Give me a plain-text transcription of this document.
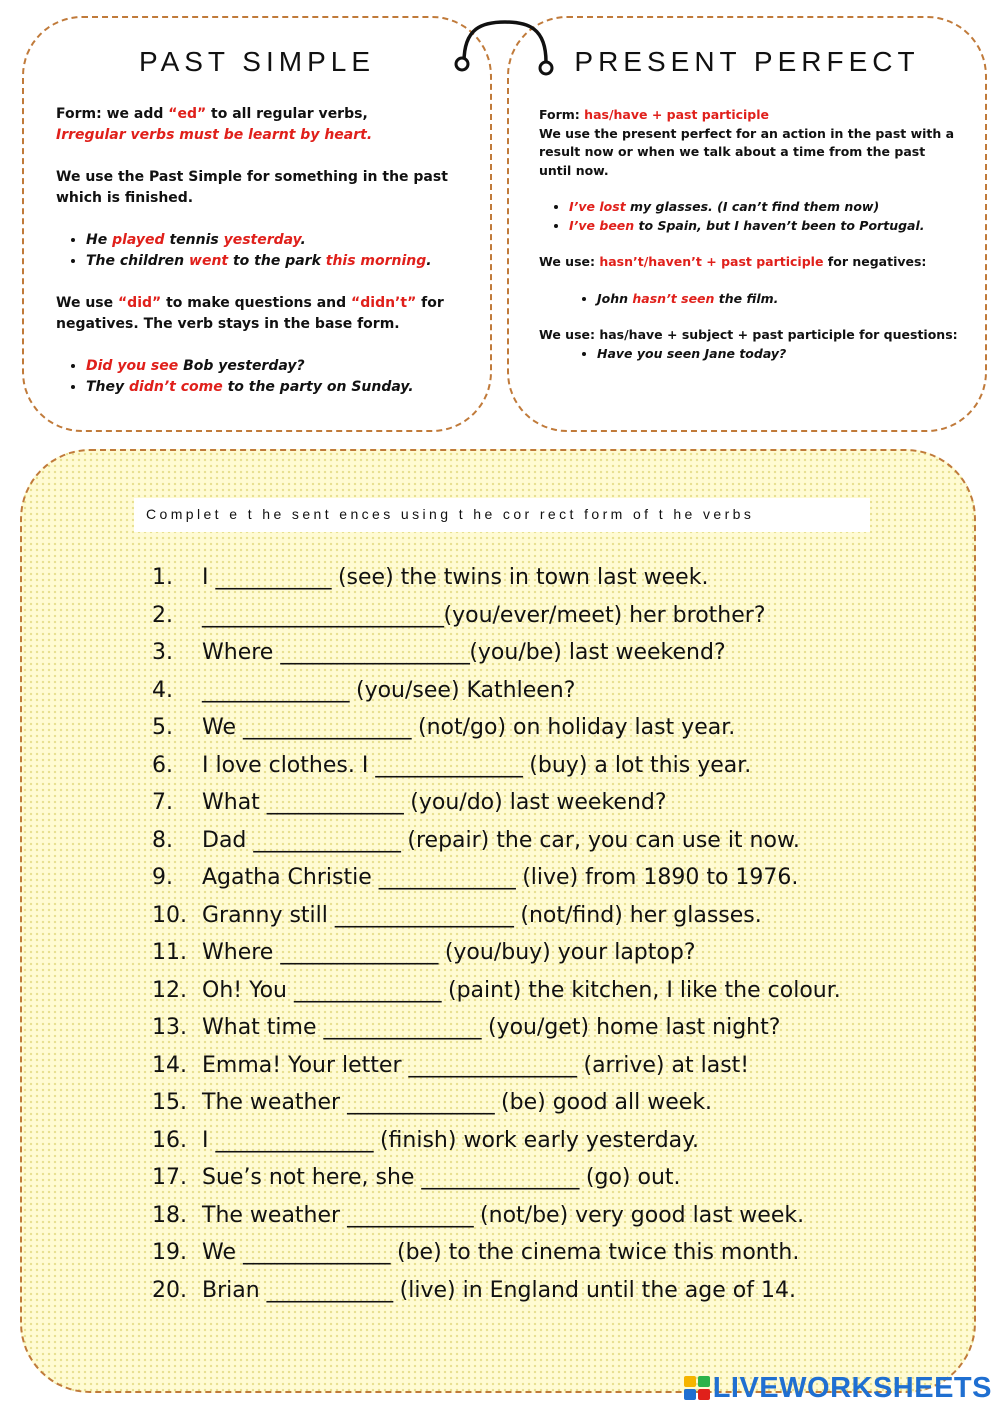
PAST SIMPLE

Form: we add “ed” to all regular verbs,

Irregular verbs must be learnt by heart.

We use the Past Simple for something in the past which is finished.

• He played tennis yesterday.
• The children went to the park this morning.

We use “did” to make questions and “didn’t” for negatives. The verb stays in the base form.

• Did you see Bob yesterday?
• They didn’t come to the party on Sunday.
PRESENT PERFECT

Form: has/have + past participle

We use the present perfect for an action in the past with a result now or when we talk about a time from the past until now.

• I’ve lost my glasses. (I can’t find them now)
• I’ve been to Spain, but I haven’t been to Portugal.

We use: hasn’t/haven’t + past participle for negatives:

• John hasn’t seen the film.

We use: has/have + subject + past participle for questions:

• Have you seen Jane today?
Complet e t he sent ences using t he cor rect form of t he verbs
1. I ___________ (see) the twins in town last week.
2. _______________________(you/ever/meet) her brother?
3. Where __________________(you/be) last weekend?
4. ______________ (you/see) Kathleen?
5. We ________________ (not/go) on holiday last year.
6. I love clothes. I ______________ (buy) a lot this year.
7. What _____________ (you/do) last weekend?
8. Dad ______________ (repair) the car, you can use it now.
9. Agatha Christie _____________ (live) from 1890 to 1976.
10. Granny still _________________ (not/find) her glasses.
11. Where _______________ (you/buy) your laptop?
12. Oh! You ______________ (paint) the kitchen, I like the colour.
13. What time _______________ (you/get) home last night?
14. Emma! Your letter ________________ (arrive) at last!
15. The weather ______________ (be) good all week.
16. I _______________ (finish) work early yesterday.
17. Sue’s not here, she _______________ (go) out.
18. The weather ____________ (not/be) very good last week.
19. We ______________ (be) to the cinema twice this month.
20. Brian ____________ (live) in England until the age of 14.
LIVEWORKSHEETS
